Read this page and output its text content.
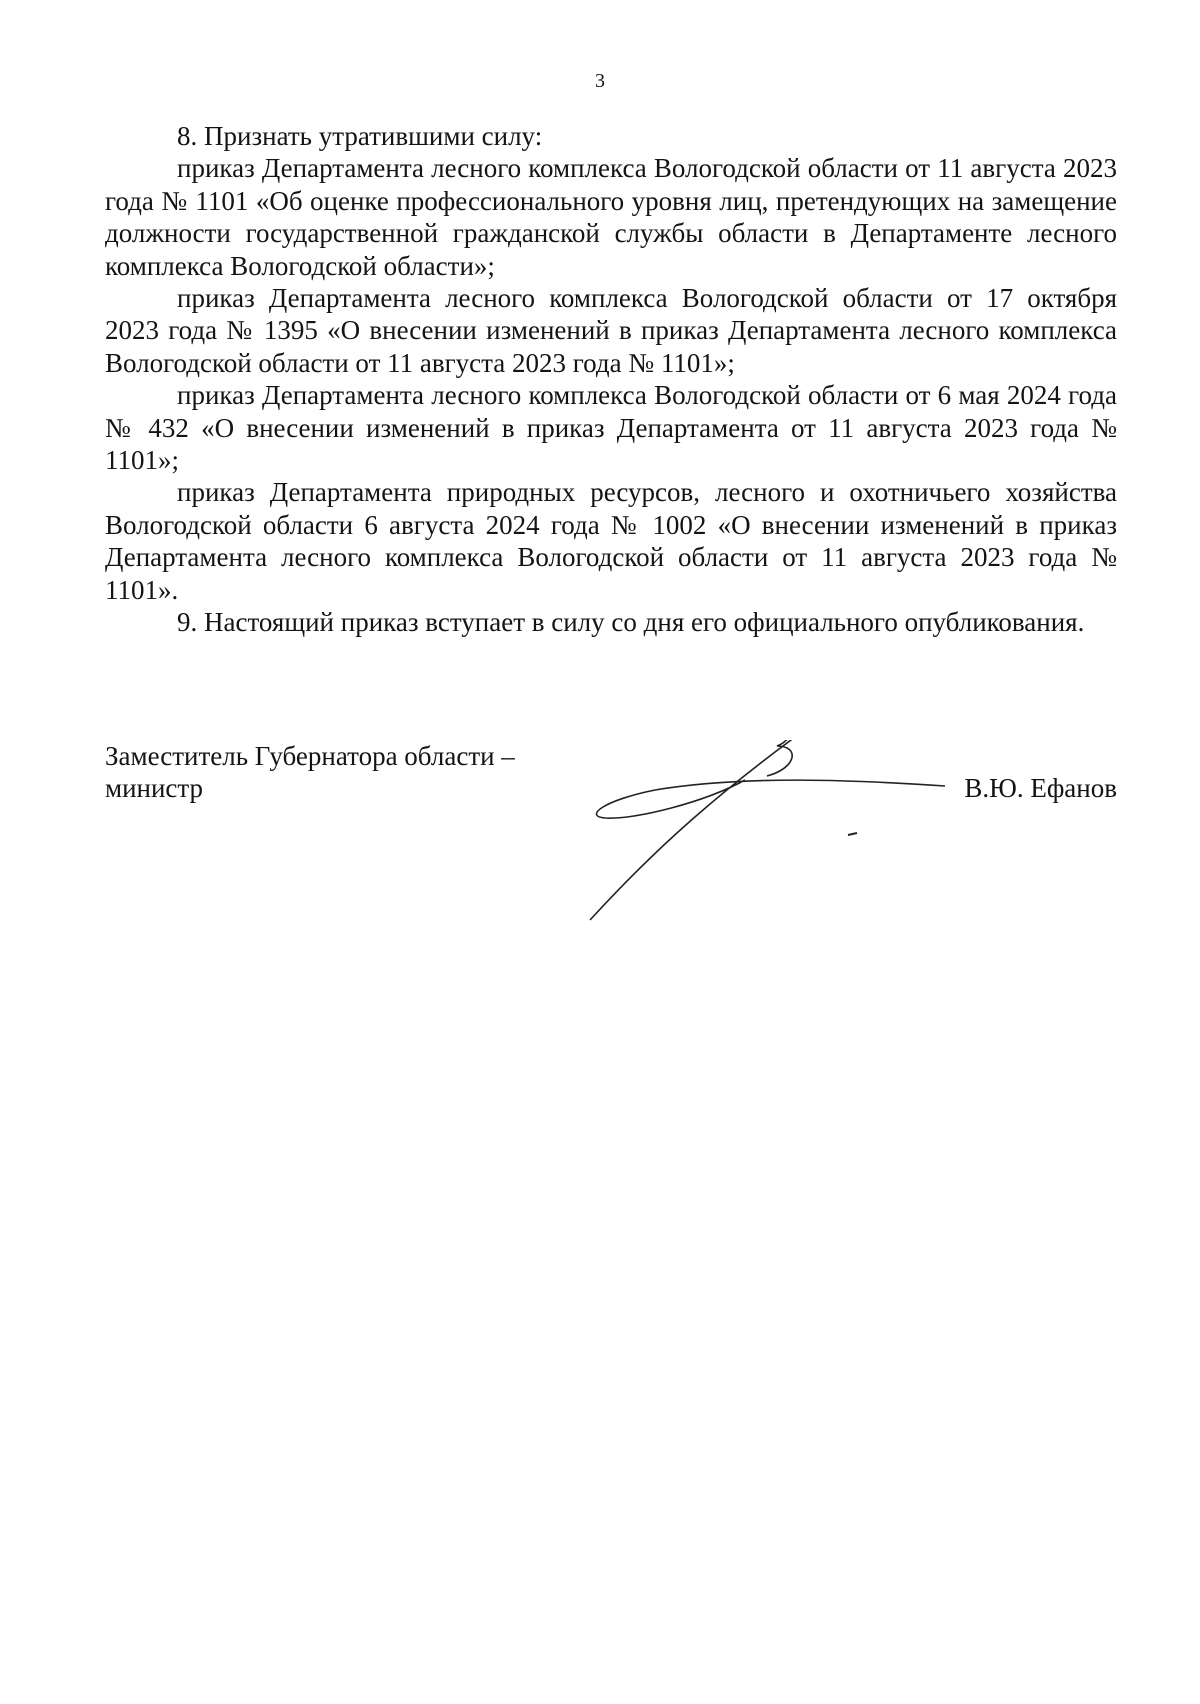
3

8. Признать утратившими силу:

приказ Департамента лесного комплекса Вологодской области от 11 августа 2023 года № 1101 «Об оценке профессионального уровня лиц, претендующих на замещение должности государственной гражданской службы области в Департаменте лесного комплекса Вологодской области»;

приказ Департамента лесного комплекса Вологодской области от 17 октября 2023 года № 1395 «О внесении изменений в приказ Департамента лесного комплекса Вологодской области от 11 августа 2023 года № 1101»;

приказ Департамента лесного комплекса Вологодской области от 6 мая 2024 года № 432 «О внесении изменений в приказ Департамента от 11 августа 2023 года № 1101»;

приказ Департамента природных ресурсов, лесного и охотничьего хозяйства Вологодской области 6 августа 2024 года № 1002 «О внесении изменений в приказ Департамента лесного комплекса Вологодской области от 11 августа 2023 года № 1101».

9. Настоящий приказ вступает в силу со дня его официального опубликования.

Заместитель Губернатора области –
министр	В.Ю. Ефанов
